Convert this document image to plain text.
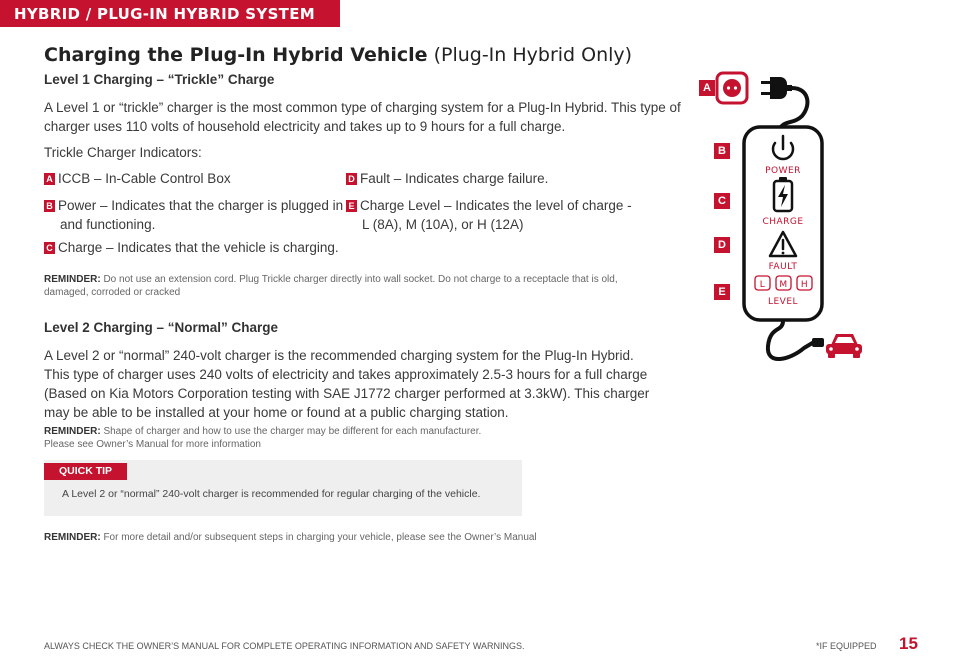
HYBRID / PLUG-IN HYBRID SYSTEM
Charging the Plug-In Hybrid Vehicle (Plug-In Hybrid Only)
Level 1 Charging – “Trickle” Charge
A Level 1 or “trickle” charger is the most common type of charging system for a Plug-In Hybrid. This type of
charger uses 110 volts of household electricity and takes up to 9 hours for a full charge.
Trickle Charger Indicators:
A ICCB – In-Cable Control Box
B Power – Indicates that the charger is plugged in
and functioning.
C Charge – Indicates that the vehicle is charging.
D Fault – Indicates charge failure.
E Charge Level – Indicates the level of charge -
L (8A), M (10A), or H (12A)
REMINDER: Do not use an extension cord. Plug Trickle charger directly into wall socket. Do not charge to a receptacle that is old,
damaged, corroded or cracked
Level 2 Charging – “Normal” Charge
A Level 2 or “normal” 240-volt charger is the recommended charging system for the Plug-In Hybrid.
This type of charger uses 240 volts of electricity and takes approximately 2.5-3 hours for a full charge
(Based on Kia Motors Corporation testing with SAE J1772 charger performed at 3.3kW). This charger
may be able to be installed at your home or found at a public charging station.
REMINDER: Shape of charger and how to use the charger may be different for each manufacturer.
Please see Owner’s Manual for more information
QUICK TIP
A Level 2 or “normal” 240-volt charger is recommended for regular charging of the vehicle.
REMINDER: For more detail and/or subsequent steps in charging your vehicle, please see the Owner’s Manual
A
B
C
D
E
POWER
CHARGE
FAULT
L M H
LEVEL
ALWAYS CHECK THE OWNER’S MANUAL FOR COMPLETE OPERATING INFORMATION AND SAFETY WARNINGS.	*IF EQUIPPED 15
